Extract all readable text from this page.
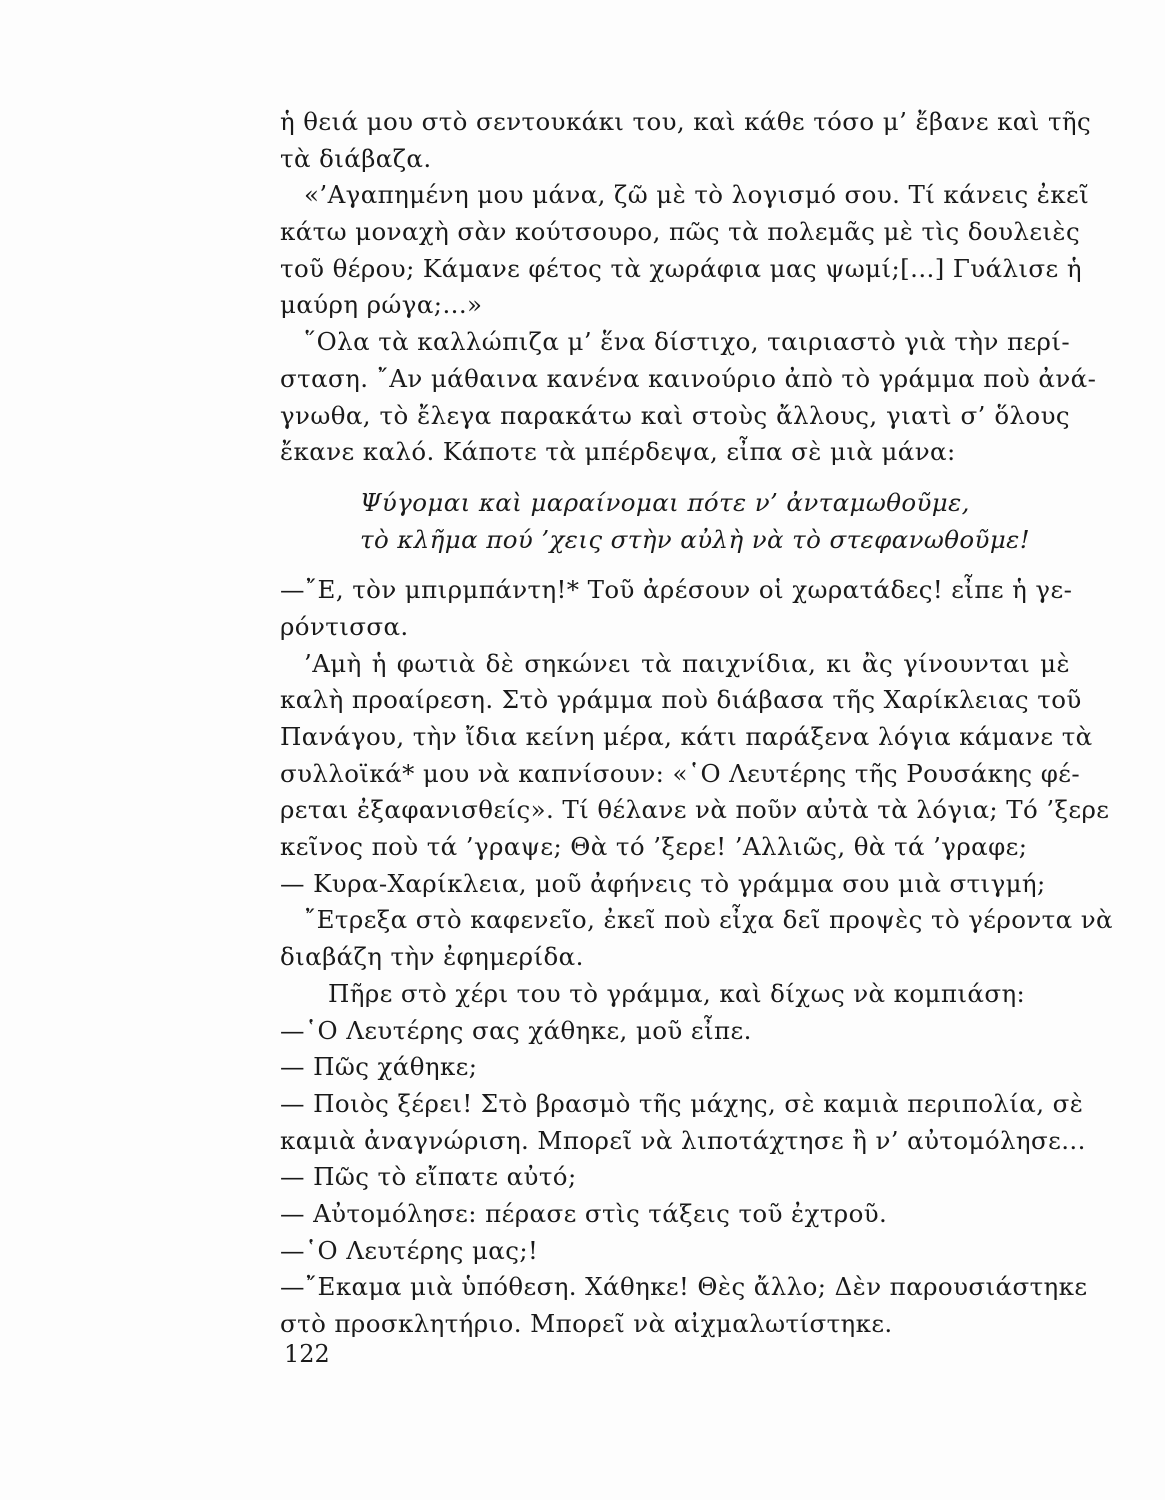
ἡ θειά μου στὸ σεντουκάκι του, καὶ κάθε τόσο μ’ ἔβανε καὶ τῆς
τὰ διάβαζα.
«’Αγαπημένη μου μάνα, ζῶ μὲ τὸ λογισμό σου. Τί κάνεις ἐκεῖ
κάτω μοναχὴ σὰν κούτσουρο, πῶς τὰ πολεμᾶς μὲ τὶς δουλειὲς
τοῦ θέρου; Κάμανε φέτος τὰ χωράφια μας ψωμί;[...] Γυάλισε ἡ
μαύρη ρώγα;...»
῞Ολα τὰ καλλώπιζα μ’ ἕνα δίστιχο, ταιριαστὸ γιὰ τὴν περί-
σταση. ῎Αν μάθαινα κανένα καινούριο ἀπὸ τὸ γράμμα ποὺ ἀνά-
γνωθα, τὸ ἔλεγα παρακάτω καὶ στοὺς ἄλλους, γιατὶ σ’ ὅλους
ἔκανε καλό. Κάποτε τὰ μπέρδεψα, εἶπα σὲ μιὰ μάνα:
Ψύγομαι καὶ μαραίνομαι πότε ν’ ἀνταμωθοῦμε,
τὸ κλῆμα πού ’χεις στὴν αὐλὴ νὰ τὸ στεφανωθοῦμε!
—῎Ε, τὸν μπιρμπάντη!* Τοῦ ἀρέσουν οἱ χωρατάδες! εἶπε ἡ γε-
ρόντισσα.
’Αμὴ ἡ φωτιὰ δὲ σηκώνει τὰ παιχνίδια, κι ἂς γίνουνται μὲ
καλὴ προαίρεση. Στὸ γράμμα ποὺ διάβασα τῆς Χαρίκλειας τοῦ
Πανάγου, τὴν ἴδια κείνη μέρα, κάτι παράξενα λόγια κάμανε τὰ
συλλοϊκά* μου νὰ καπνίσουν: «῾Ο Λευτέρης τῆς Ρουσάκης φέ-
ρεται ἐξαφανισθείς». Τί θέλανε νὰ ποῦν αὐτὰ τὰ λόγια; Τό ’ξερε
κεῖνος ποὺ τά ’γραψε; Θὰ τό ’ξερε! ’Αλλιῶς, θὰ τά ’γραφε;
— Κυρα-Χαρίκλεια, μοῦ ἀφήνεις τὸ γράμμα σου μιὰ στιγμή;
῎Ετρεξα στὸ καφενεῖο, ἐκεῖ ποὺ εἶχα δεῖ προψὲς τὸ γέροντα νὰ
διαβάζη τὴν ἐφημερίδα.
Πῆρε στὸ χέρι του τὸ γράμμα, καὶ δίχως νὰ κομπιάση:
—῾Ο Λευτέρης σας χάθηκε, μοῦ εἶπε.
— Πῶς χάθηκε;
— Ποιὸς ξέρει! Στὸ βρασμὸ τῆς μάχης, σὲ καμιὰ περιπολία, σὲ
καμιὰ ἀναγνώριση. Μπορεῖ νὰ λιποτάχτησε ἢ ν’ αὐτομόλησε...
— Πῶς τὸ εἴπατε αὐτό;
— Αὐτομόλησε: πέρασε στὶς τάξεις τοῦ ἐχτροῦ.
—῾Ο Λευτέρης μας;!
—῎Εκαμα μιὰ ὑπόθεση. Χάθηκε! Θὲς ἄλλο; Δὲν παρουσιάστηκε
στὸ προσκλητήριο. Μπορεῖ νὰ αἰχμαλωτίστηκε.
122
